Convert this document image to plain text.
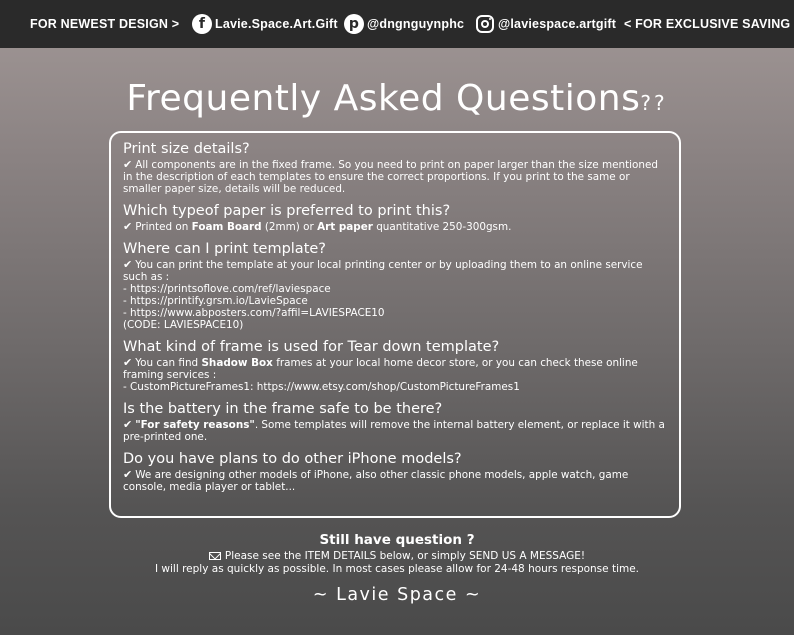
FOR NEWEST DESIGN >	f Lavie.Space.Art.Gift p @dngnguynphc	@laviespace.artgift < FOR EXCLUSIVE SAVING
Frequently Asked Questions??
Print size details?
✔ All components are in the fixed frame. So you need to print on paper larger than the size mentioned in the description of each templates to ensure the correct proportions. If you print to the same or smaller paper size, details will be reduced.
Which typeof paper is preferred to print this?
✔ Printed on Foam Board (2mm) or Art paper quantitative 250-300gsm.
Where can I print template?
✔ You can print the template at your local printing center or by uploading them to an online service such as :
- https://printsoflove.com/ref/laviespace
- https://printify.grsm.io/LavieSpace
- https://www.abposters.com/?affil=LAVIESPACE10
(CODE: LAVIESPACE10)
What kind of frame is used for Tear down template?
✔ You can find Shadow Box frames at your local home decor store, or you can check these online framing services :
- CustomPictureFrames1: https://www.etsy.com/shop/CustomPictureFrames1
Is the battery in the frame safe to be there?
✔ "For safety reasons". Some templates will remove the internal battery element, or replace it with a pre-printed one.
Do you have plans to do other iPhone models?
✔ We are designing other models of iPhone, also other classic phone models, apple watch, game console, media player or tablet...
Still have question ?
Please see the ITEM DETAILS below, or simply SEND US A MESSAGE!
I will reply as quickly as possible. In most cases please allow for 24-48 hours response time.
~ Lavie Space ~
